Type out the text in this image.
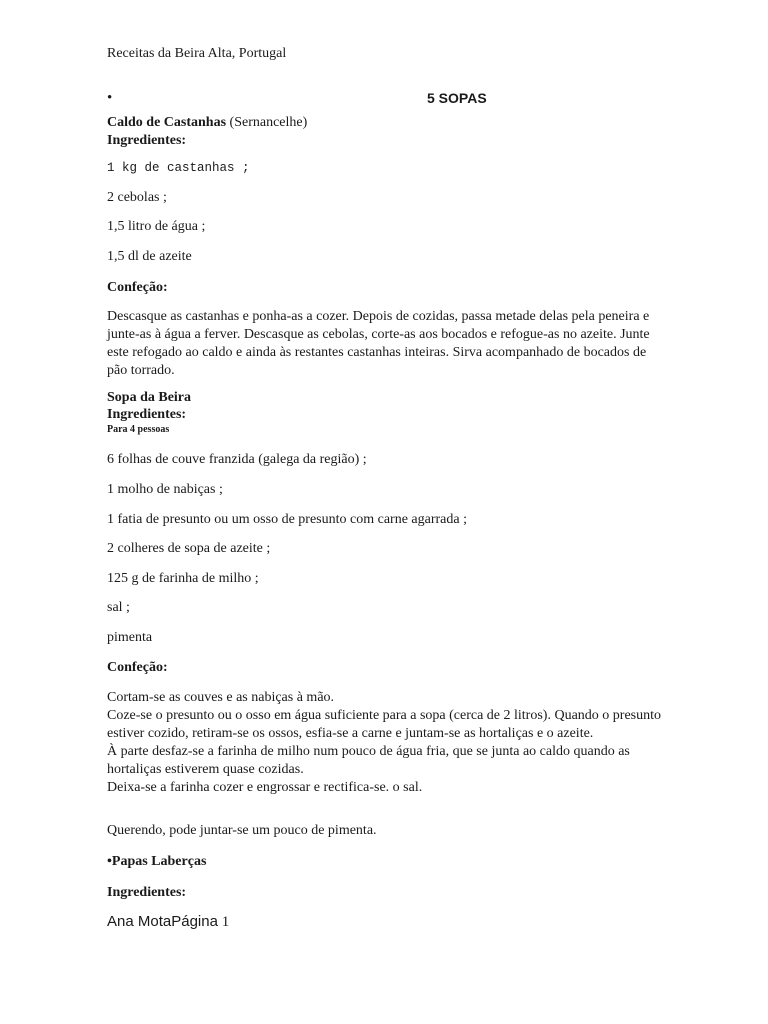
Receitas da Beira Alta, Portugal
•	5 SOPAS
Caldo de Castanhas (Sernancelhe)
Ingredientes:
1 kg de castanhas ;
2 cebolas ;
1,5 litro de água ;
1,5 dl de azeite
Confeção:
Descasque as castanhas e ponha-as a cozer. Depois de cozidas, passa metade delas pela peneira e junte-as à água a ferver. Descasque as cebolas, corte-as aos bocados e refogue-as no azeite. Junte este refogado ao caldo e ainda às restantes castanhas inteiras. Sirva acompanhado de bocados de pão torrado.
Sopa da Beira
Ingredientes:
Para 4 pessoas
6 folhas de couve franzida (galega da região) ;
1 molho de nabiças ;
1 fatia de presunto ou um osso de presunto com carne agarrada ;
2 colheres de sopa de azeite ;
125 g de farinha de milho ;
sal ;
pimenta
Confeção:
Cortam-se as couves e as nabiças à mão.
Coze-se o presunto ou o osso em água suficiente para a sopa (cerca de 2 litros). Quando o presunto estiver cozido, retiram-se os ossos, esfia-se a carne e juntam-se as hortaliças e o azeite.
À parte desfaz-se a farinha de milho num pouco de água fria, que se junta ao caldo quando as hortaliças estiverem quase cozidas.
Deixa-se a farinha cozer e engrossar e rectifica-se. o sal.
Querendo, pode juntar-se um pouco de pimenta.
•Papas Laberças
Ingredientes:
Ana MotaPágina 1
